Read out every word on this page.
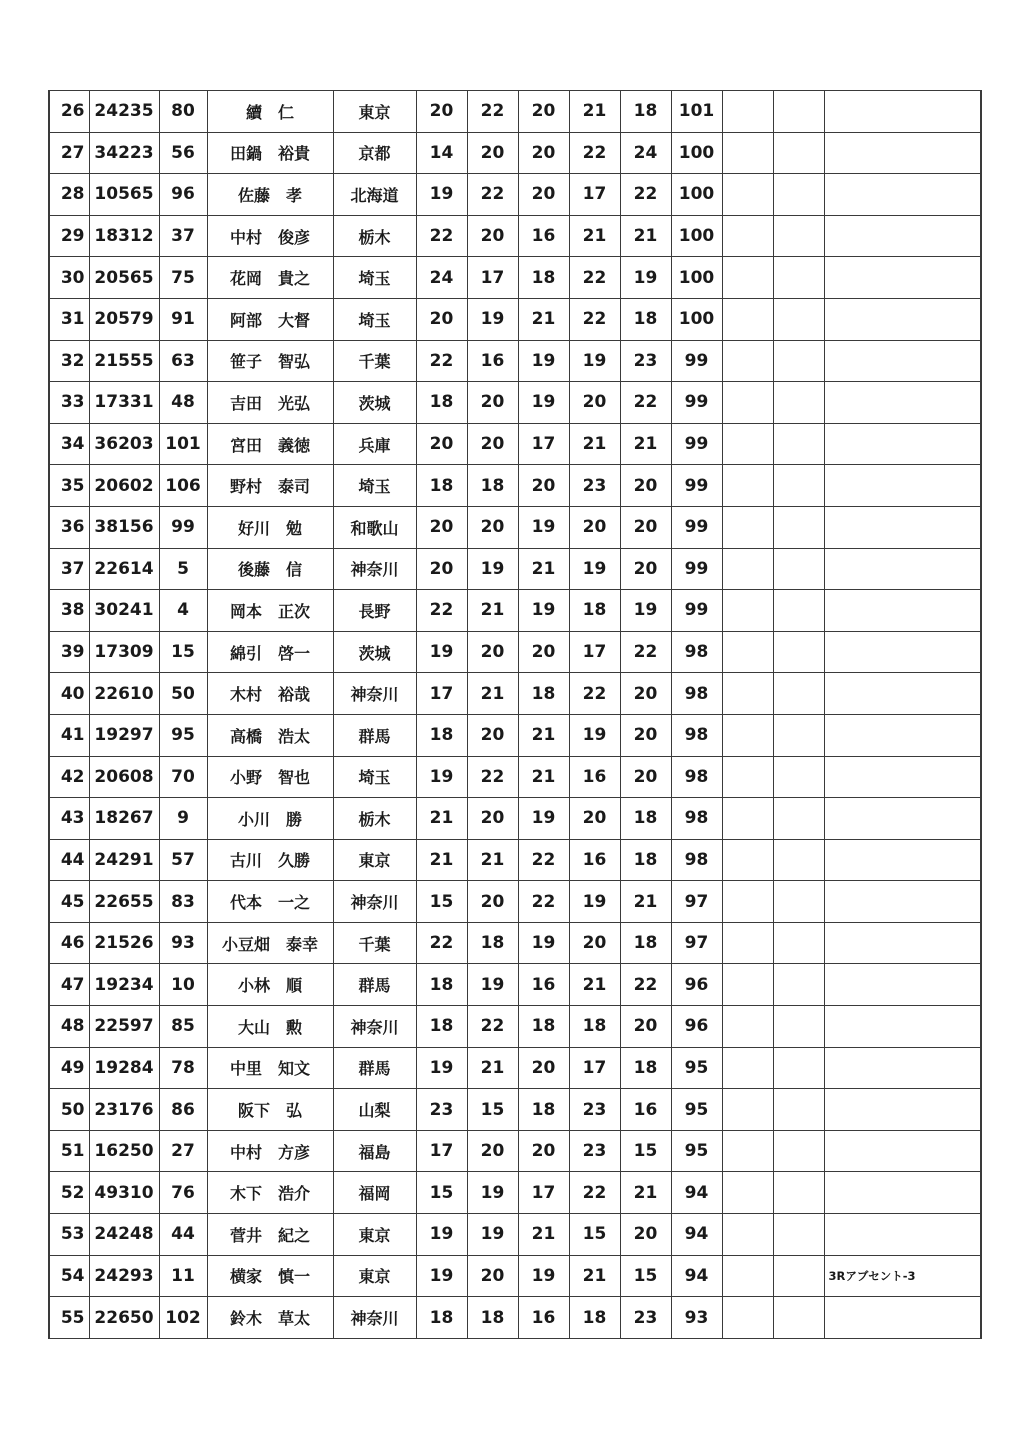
26	24235	80	續　仁	東京	20	22	20	21	18	101			
27	34223	56	田鍋　裕貴	京都	14	20	20	22	24	100			
28	10565	96	佐藤　孝	北海道	19	22	20	17	22	100			
29	18312	37	中村　俊彦	栃木	22	20	16	21	21	100			
30	20565	75	花岡　貴之	埼玉	24	17	18	22	19	100			
31	20579	91	阿部　大督	埼玉	20	19	21	22	18	100			
32	21555	63	笹子　智弘	千葉	22	16	19	19	23	99			
33	17331	48	吉田　光弘	茨城	18	20	19	20	22	99			
34	36203	101	宮田　義徳	兵庫	20	20	17	21	21	99			
35	20602	106	野村　泰司	埼玉	18	18	20	23	20	99			
36	38156	99	好川　勉	和歌山	20	20	19	20	20	99			
37	22614	5	後藤　信	神奈川	20	19	21	19	20	99			
38	30241	4	岡本　正次	長野	22	21	19	18	19	99			
39	17309	15	綿引　啓一	茨城	19	20	20	17	22	98			
40	22610	50	木村　裕哉	神奈川	17	21	18	22	20	98			
41	19297	95	高橋　浩太	群馬	18	20	21	19	20	98			
42	20608	70	小野　智也	埼玉	19	22	21	16	20	98			
43	18267	9	小川　勝	栃木	21	20	19	20	18	98			
44	24291	57	古川　久勝	東京	21	21	22	16	18	98			
45	22655	83	代本　一之	神奈川	15	20	22	19	21	97			
46	21526	93	小豆畑　泰幸	千葉	22	18	19	20	18	97			
47	19234	10	小林　順	群馬	18	19	16	21	22	96			
48	22597	85	大山　勲	神奈川	18	22	18	18	20	96			
49	19284	78	中里　知文	群馬	19	21	20	17	18	95			
50	23176	86	阪下　弘	山梨	23	15	18	23	16	95			
51	16250	27	中村　方彦	福島	17	20	20	23	15	95			
52	49310	76	木下　浩介	福岡	15	19	17	22	21	94			
53	24248	44	菅井　紀之	東京	19	19	21	15	20	94			
54	24293	11	横家　慎一	東京	19	20	19	21	15	94			3Rアブセント-3
55	22650	102	鈴木　草太	神奈川	18	18	16	18	23	93			
